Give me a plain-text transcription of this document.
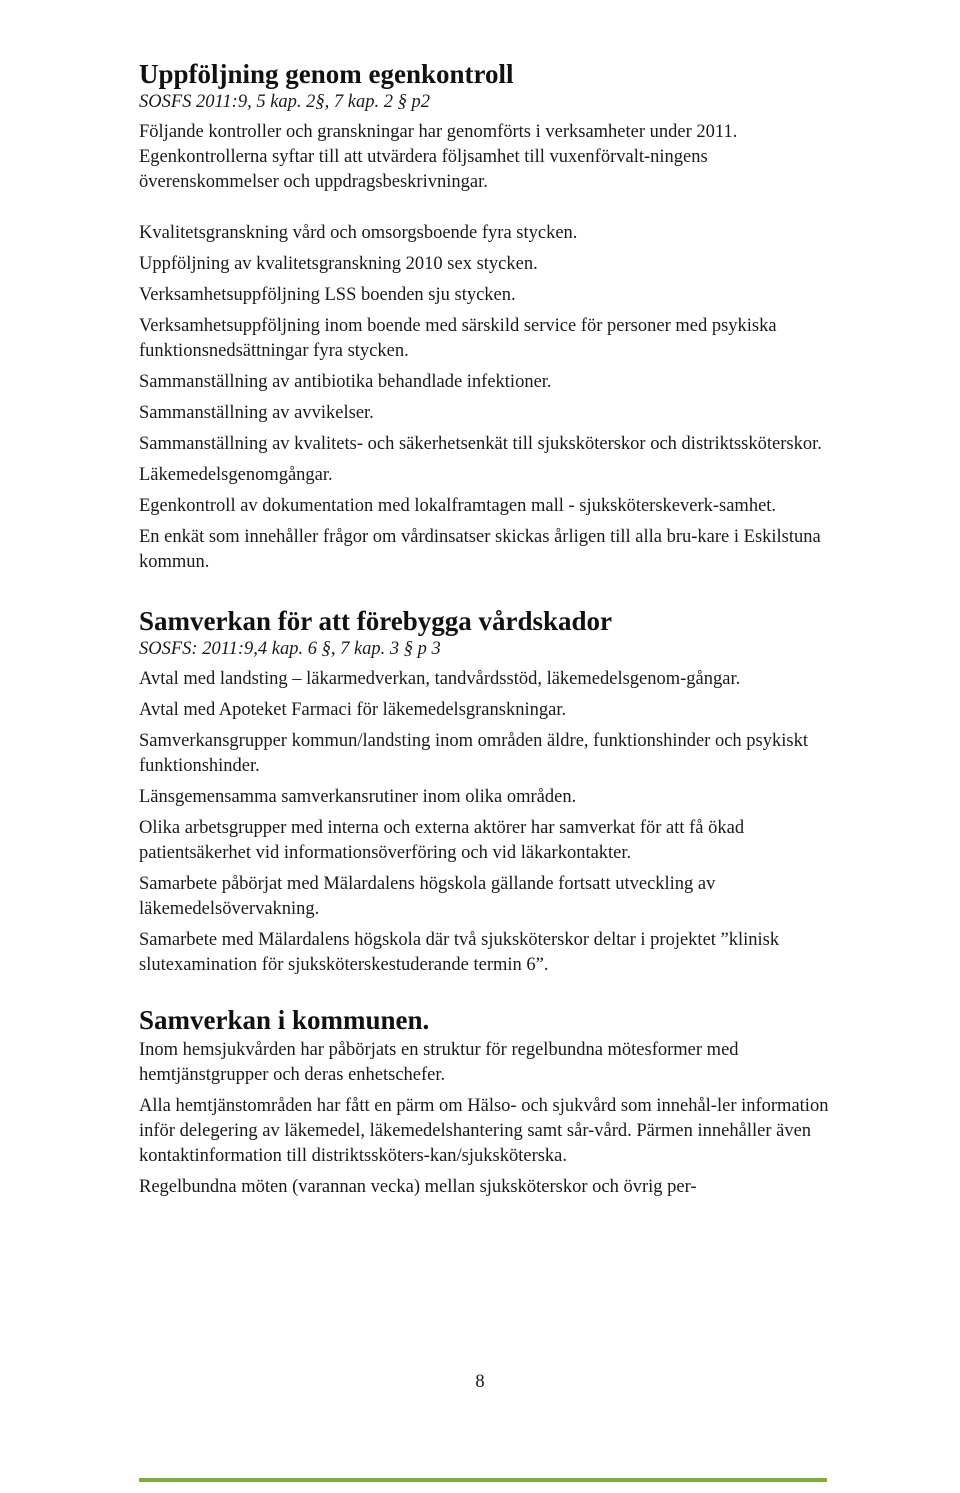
Uppföljning genom egenkontroll
SOSFS 2011:9, 5 kap. 2§, 7 kap. 2 § p2

Följande kontroller och granskningar har genomförts i verksamheter under 2011. Egenkontrollerna syftar till att utvärdera följsamhet till vuxenförvalt-ningens överenskommelser och uppdragsbeskrivningar.

Kvalitetsgranskning vård och omsorgsboende fyra stycken.

Uppföljning av kvalitetsgranskning 2010 sex stycken.

Verksamhetsuppföljning LSS boenden sju stycken.

Verksamhetsuppföljning inom boende med särskild service för personer med psykiska funktionsnedsättningar fyra stycken.

Sammanställning av antibiotika behandlade infektioner.

Sammanställning av avvikelser.

Sammanställning av kvalitets- och säkerhetsenkät till sjuksköterskor och distriktssköterskor.

Läkemedelsgenomgångar.

Egenkontroll av dokumentation med lokalframtagen mall - sjuksköterskeverk-samhet.

En enkät som innehåller frågor om vårdinsatser skickas årligen till alla bru-kare i Eskilstuna kommun.

Samverkan för att förebygga vårdskador
SOSFS: 2011:9,4 kap. 6 §, 7 kap. 3 § p 3

Avtal med landsting – läkarmedverkan, tandvårdsstöd, läkemedelsgenom-gångar.

Avtal med Apoteket Farmaci för läkemedelsgranskningar.

Samverkansgrupper kommun/landsting inom områden äldre, funktionshinder och psykiskt funktionshinder.

Länsgemensamma samverkansrutiner inom olika områden.

Olika arbetsgrupper med interna och externa aktörer har samverkat för att få ökad patientsäkerhet vid informationsöverföring och vid läkarkontakter.

Samarbete påbörjat med Mälardalens högskola gällande fortsatt utveckling av läkemedelsövervakning.

Samarbete med Mälardalens högskola där två sjuksköterskor deltar i projektet ”klinisk slutexamination för sjuksköterskestuderande termin 6”.

Samverkan i kommunen.

Inom hemsjukvården har påbörjats en struktur för regelbundna mötesformer med hemtjänstgrupper och deras enhetschefer.

Alla hemtjänstområden har fått en pärm om Hälso- och sjukvård som innehål-ler information inför delegering av läkemedel, läkemedelshantering samt sår-vård. Pärmen innehåller även kontaktinformation till distriktssköters-kan/sjuksköterska.

Regelbundna möten (varannan vecka) mellan sjuksköterskor och övrig per-

8
